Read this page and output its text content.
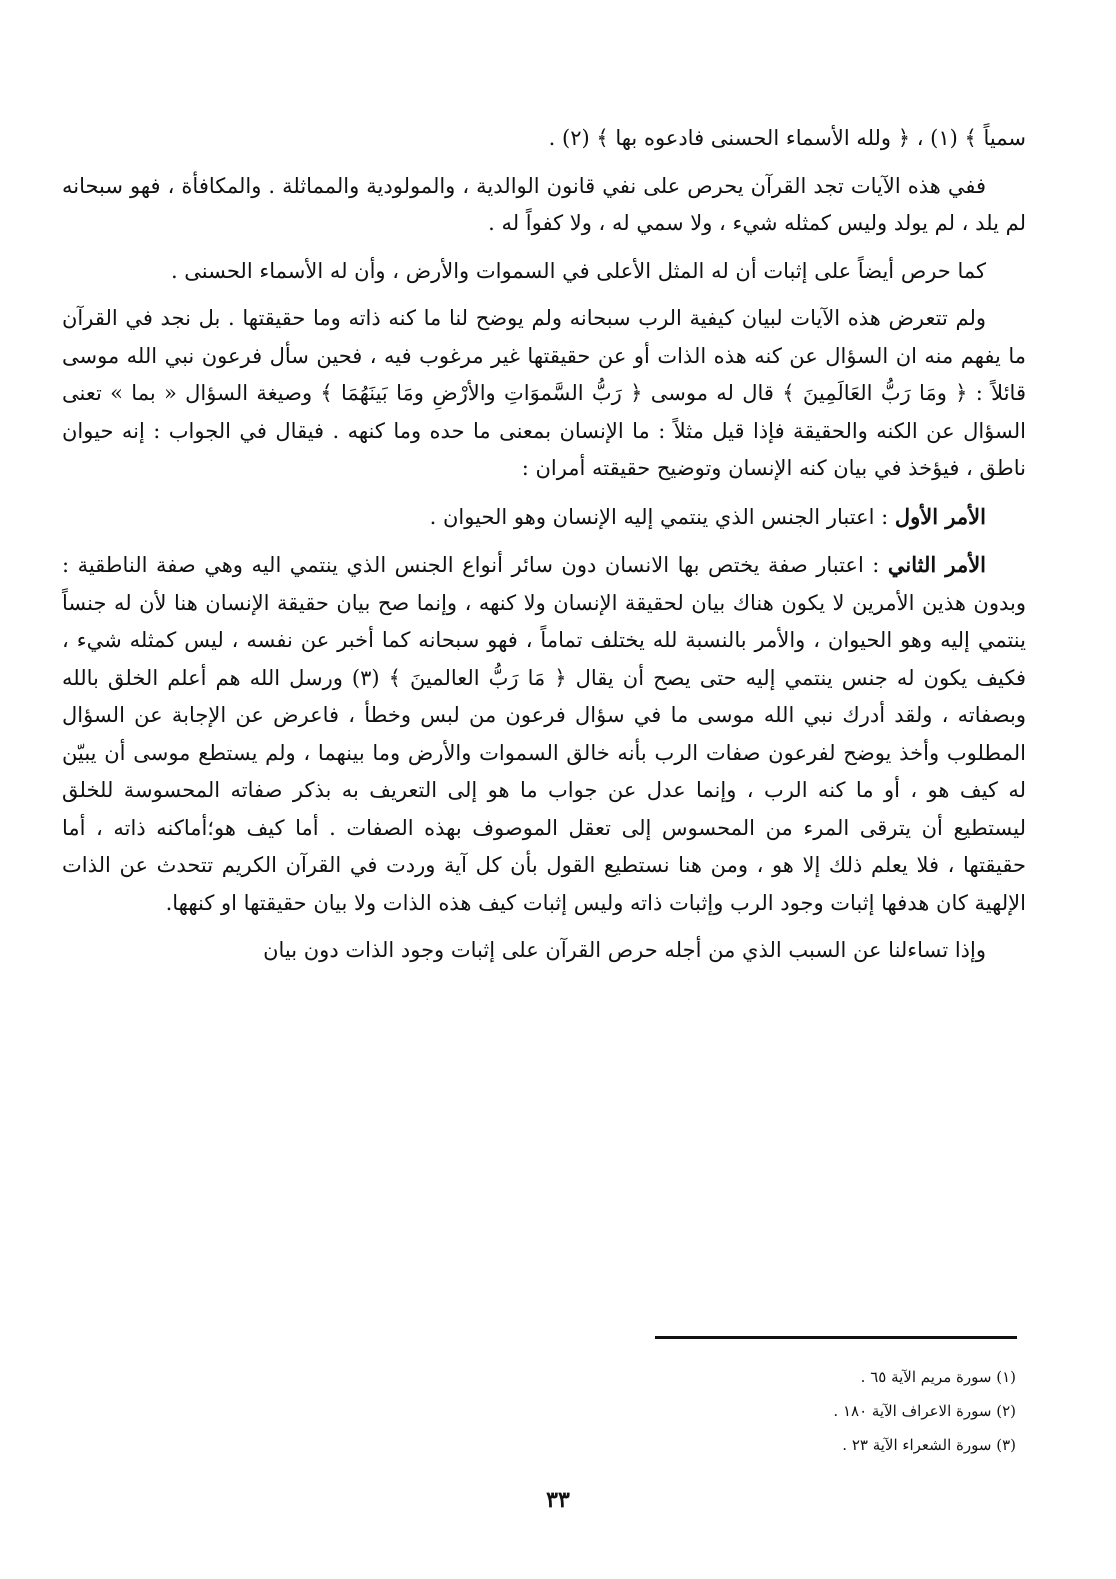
سمياً ﴾ (١) ، ﴿ ولله الأسماء الحسنى فادعوه بها ﴾ (٢) .

ففي هذه الآيات تجد القرآن يحرص على نفي قانون الوالدية ، والمولودية والمماثلة . والمكافأة ، فهو سبحانه لم يلد ، لم يولد وليس كمثله شيء ، ولا سمي له ، ولا كفواً له .

كما حرص أيضاً على إثبات أن له المثل الأعلى في السموات والأرض ، وأن له الأسماء الحسنى .

ولم تتعرض هذه الآيات لبيان كيفية الرب سبحانه ولم يوضح لنا ما كنه ذاته وما حقيقتها . بل نجد في القرآن ما يفهم منه ان السؤال عن كنه هذه الذات أو عن حقيقتها غير مرغوب فيه ، فحين سأل فرعون نبي الله موسى قائلاً : ﴿ ومَا رَبُّ العَالَمِينَ ﴾ قال له موسى ﴿ رَبُّ السَّموَاتِ والأرْضِ ومَا بَينَهُمَا ﴾ وصيغة السؤال « بما » تعنى السؤال عن الكنه والحقيقة فإذا قيل مثلاً : ما الإنسان بمعنى ما حده وما كنهه . فيقال في الجواب : إنه حيوان ناطق ، فيؤخذ في بيان كنه الإنسان وتوضيح حقيقته أمران :

الأمر الأول : اعتبار الجنس الذي ينتمي إليه الإنسان وهو الحيوان .

الأمر الثاني : اعتبار صفة يختص بها الانسان دون سائر أنواع الجنس الذي ينتمي اليه وهي صفة الناطقية : وبدون هذين الأمرين لا يكون هناك بيان لحقيقة الإنسان ولا كنهه ، وإنما صح بيان حقيقة الإنسان هنا لأن له جنساً ينتمي إليه وهو الحيوان ، والأمر بالنسبة لله يختلف تماماً ، فهو سبحانه كما أخبر عن نفسه ، ليس كمثله شيء ، فكيف يكون له جنس ينتمي إليه حتى يصح أن يقال ﴿ مَا رَبُّ العالمينَ ﴾ (٣) ورسل الله هم أعلم الخلق بالله وبصفاته ، ولقد أدرك نبي الله موسى ما في سؤال فرعون من لبس وخطأ ، فاعرض عن الإجابة عن السؤال المطلوب وأخذ يوضح لفرعون صفات الرب بأنه خالق السموات والأرض وما بينهما ، ولم يستطع موسى أن يبيّن له كيف هو ، أو ما كنه الرب ، وإنما عدل عن جواب ما هو إلى التعريف به بذكر صفاته المحسوسة للخلق ليستطيع أن يترقى المرء من المحسوس إلى تعقل الموصوف بهذه الصفات . أما كيف هو؛أماكنه ذاته ، أما حقيقتها ، فلا يعلم ذلك إلا هو ، ومن هنا نستطيع القول بأن كل آية وردت في القرآن الكريم تتحدث عن الذات الإلهية كان هدفها إثبات وجود الرب وإثبات ذاته وليس إثبات كيف هذه الذات ولا بيان حقيقتها او كنهها.

وإذا تساءلنا عن السبب الذي من أجله حرص القرآن على إثبات وجود الذات دون بيان

(١) سورة مريم الآية ٦٥ .
(٢) سورة الاعراف الآية ١٨٠ .
(٣) سورة الشعراء الآية ٢٣ .
٣٣
